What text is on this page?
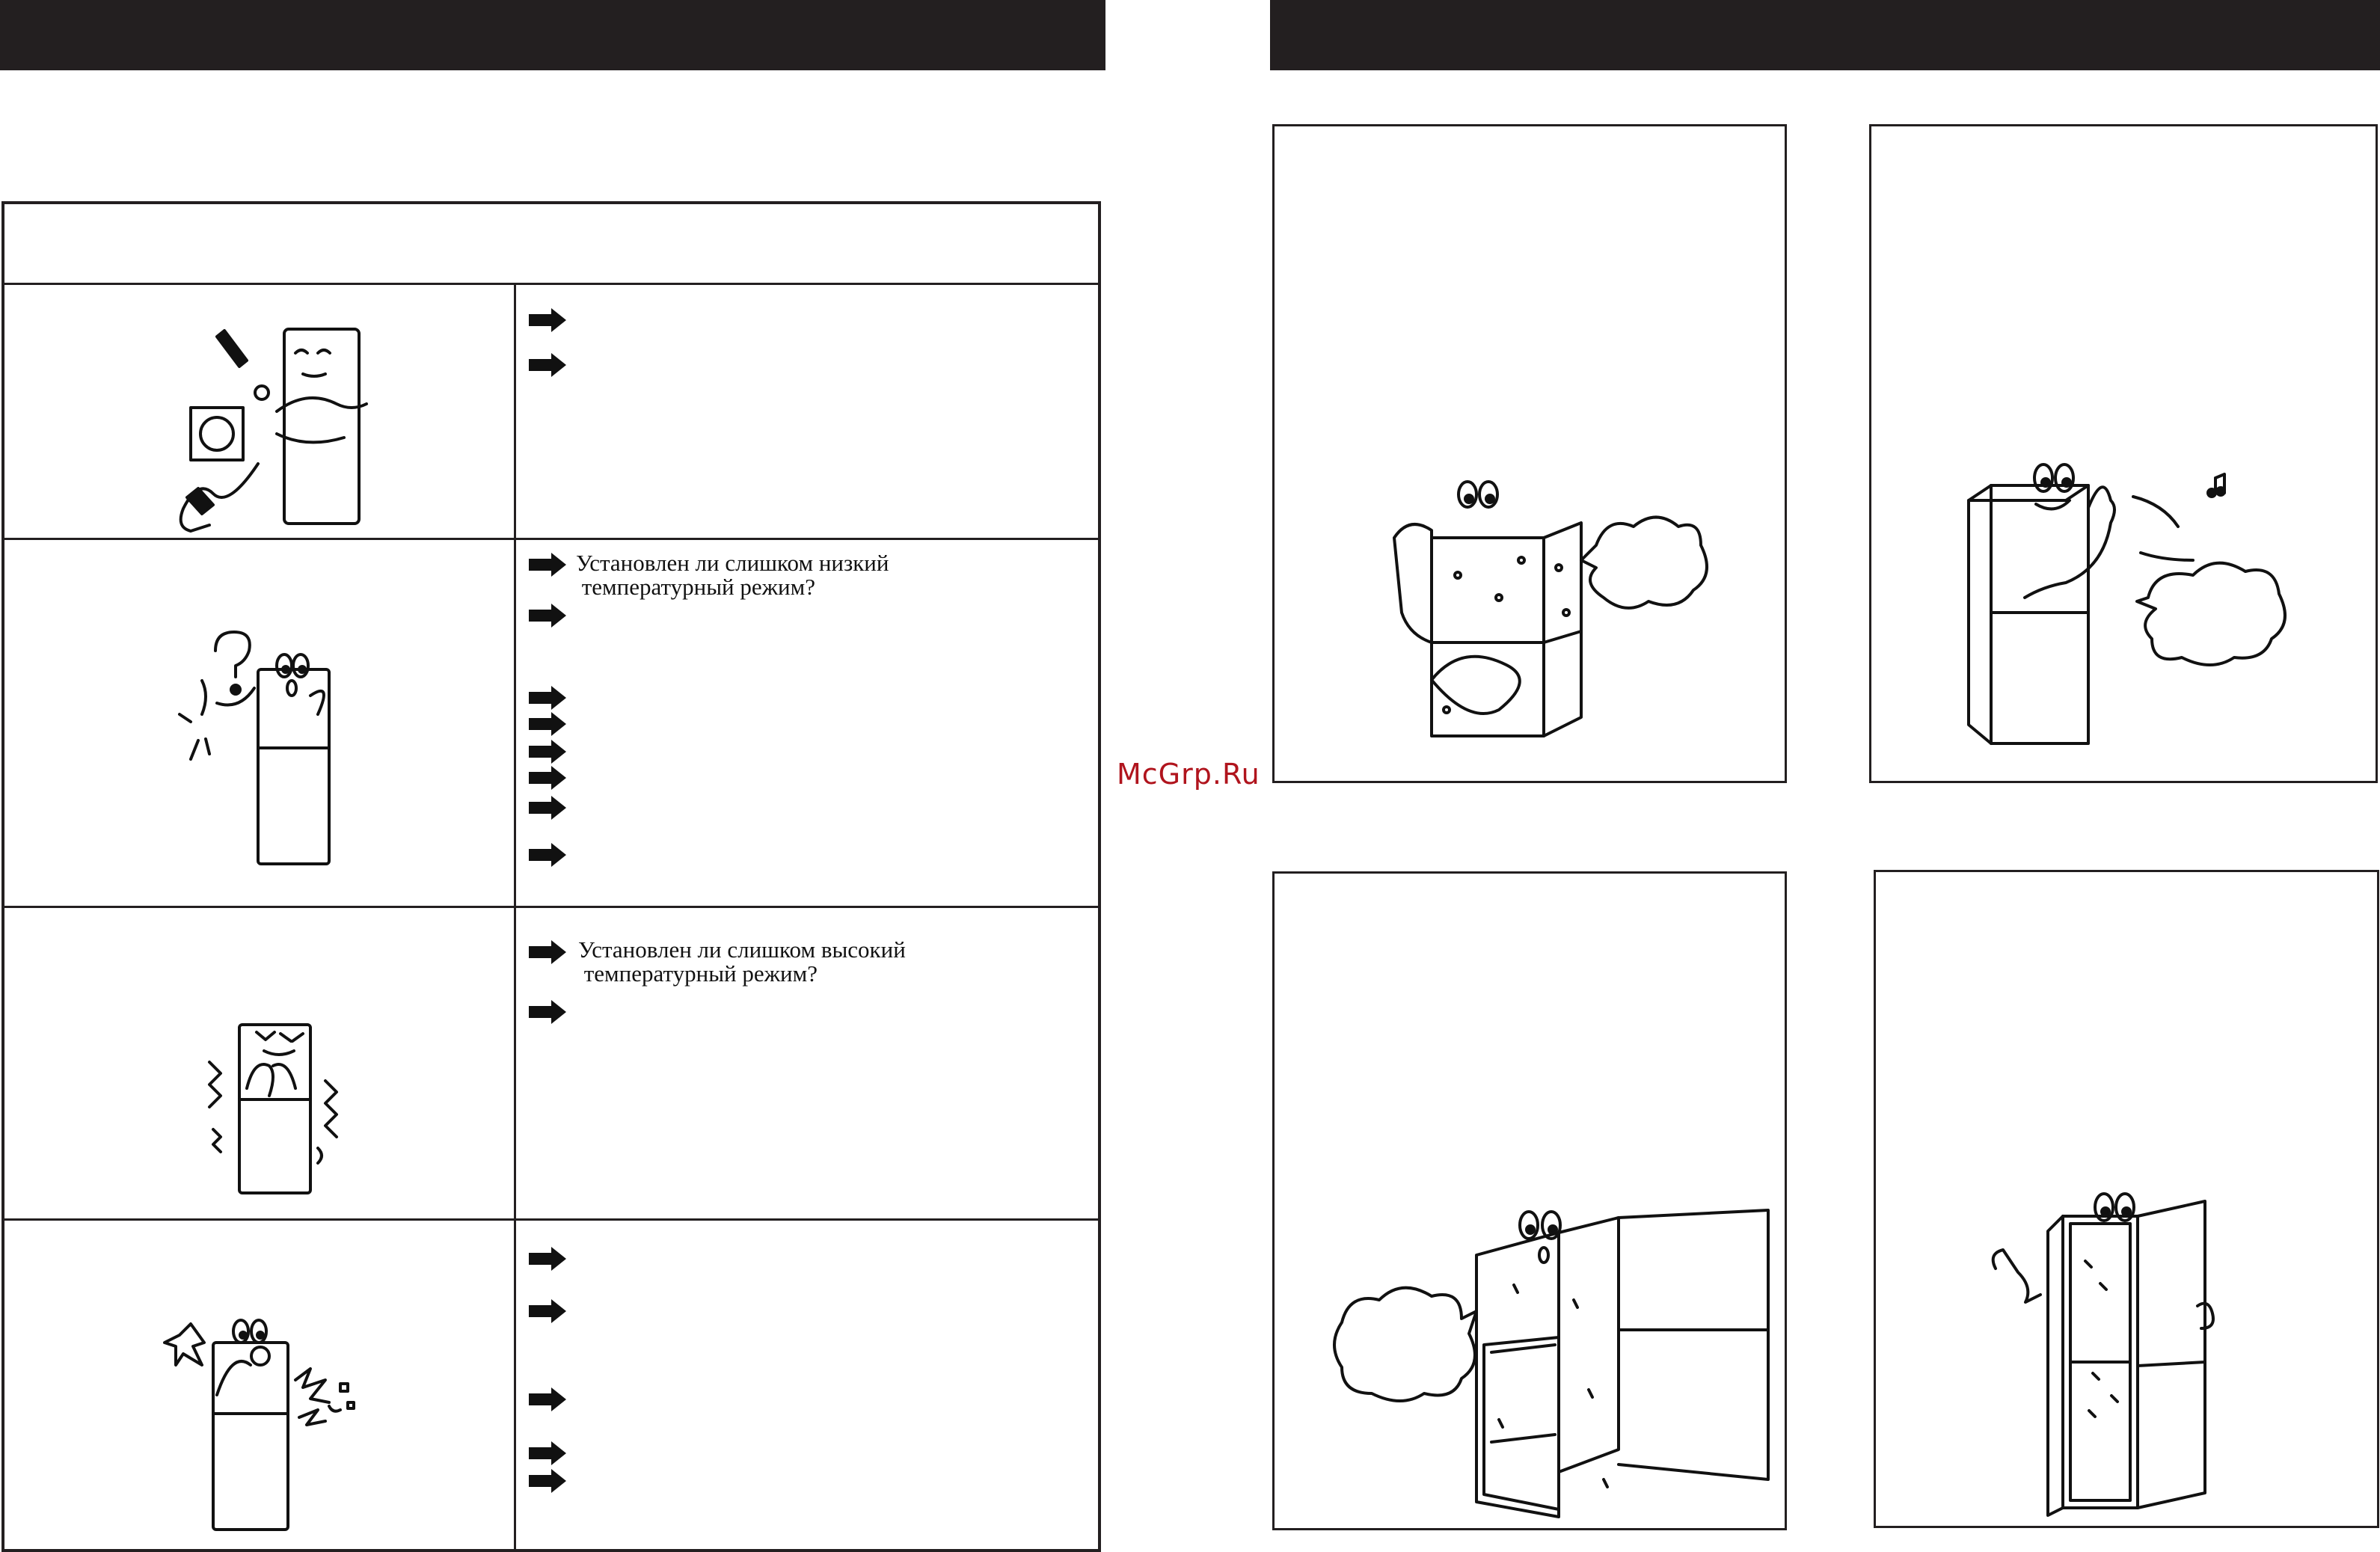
Установлен ли слишком низкий
температурный режим?
Установлен ли слишком высокий
температурный режим?
McGrp.Ru
